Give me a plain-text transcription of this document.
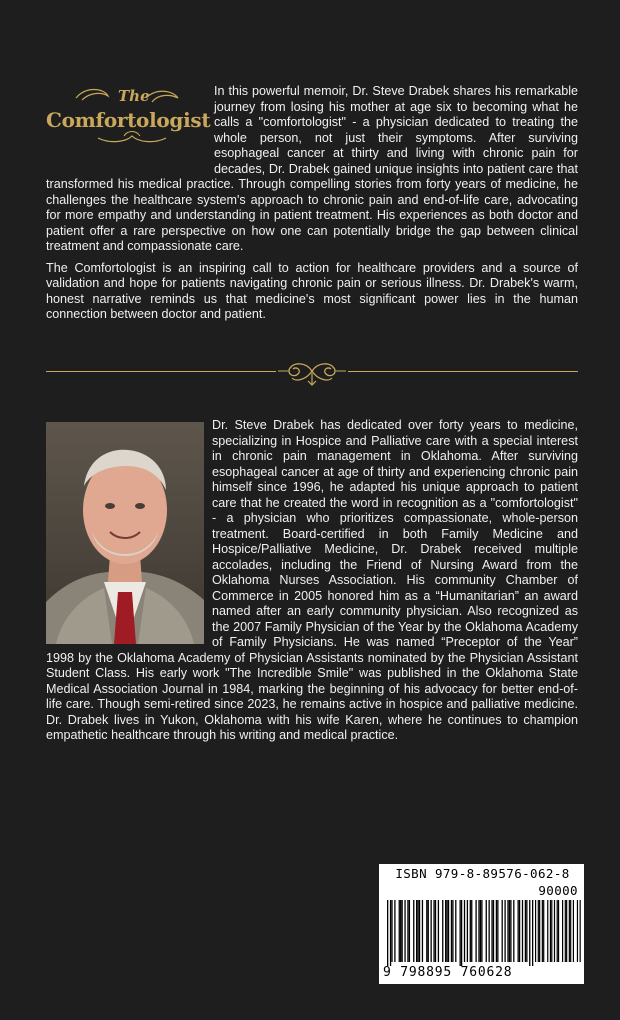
In this powerful memoir, Dr. Steve Drabek shares his remarkable journey from losing his mother at age six to becoming what he calls a "comfortologist" - a physician dedicated to treating the whole person, not just their symptoms. After surviving esophageal cancer at thirty and living with chronic pain for decades, Dr. Drabek gained unique insights into patient care that transformed his medical practice. Through compelling stories from forty years of medicine, he challenges the healthcare system's approach to chronic pain and end-of-life care, advocating for more empathy and understanding in patient treatment. His experiences as both doctor and patient offer a rare perspective on how one can potentially bridge the gap between clinical treatment and compassionate care.

The Comfortologist is an inspiring call to action for healthcare providers and a source of validation and hope for patients navigating chronic pain or serious illness. Dr. Drabek's warm, honest narrative reminds us that medicine's most significant power lies in the human connection between doctor and patient.

The
Comfortologist
Dr. Steve Drabek has dedicated over forty years to medicine, specializing in Hospice and Palliative care with a special interest in chronic pain management in Oklahoma. After surviving esophageal cancer at age of thirty and experiencing chronic pain himself since 1996, he adapted his unique approach to patient care that he created the word in recognition as a "comfortologist" - a physician who prioritizes compassionate, whole-person treatment. Board-certified in both Family Medicine and Hospice/Palliative Medicine, Dr. Drabek received multiple accolades, including the Friend of Nursing Award from the Oklahoma Nurses Association. His community Chamber of Commerce in 2005 honored him as a “Humanitarian” an award named after an early community physician. Also recognized as the 2007 Family Physician of the Year by the Oklahoma Academy of Family Physicians. He was named “Preceptor of the Year” 1998 by the Oklahoma Academy of Physician Assistants nominated by the Physician Assistant Student Class. His early work "The Incredible Smile" was published in the Oklahoma State Medical Association Journal in 1984, marking the beginning of his advocacy for better end-of-life care. Though semi-retired since 2023, he remains active in hospice and palliative medicine. Dr. Drabek lives in Yukon, Oklahoma with his wife Karen, where he continues to champion empathetic healthcare through his writing and medical practice.
ISBN 979-8-89576-062-8
90000
9 798895 760628
